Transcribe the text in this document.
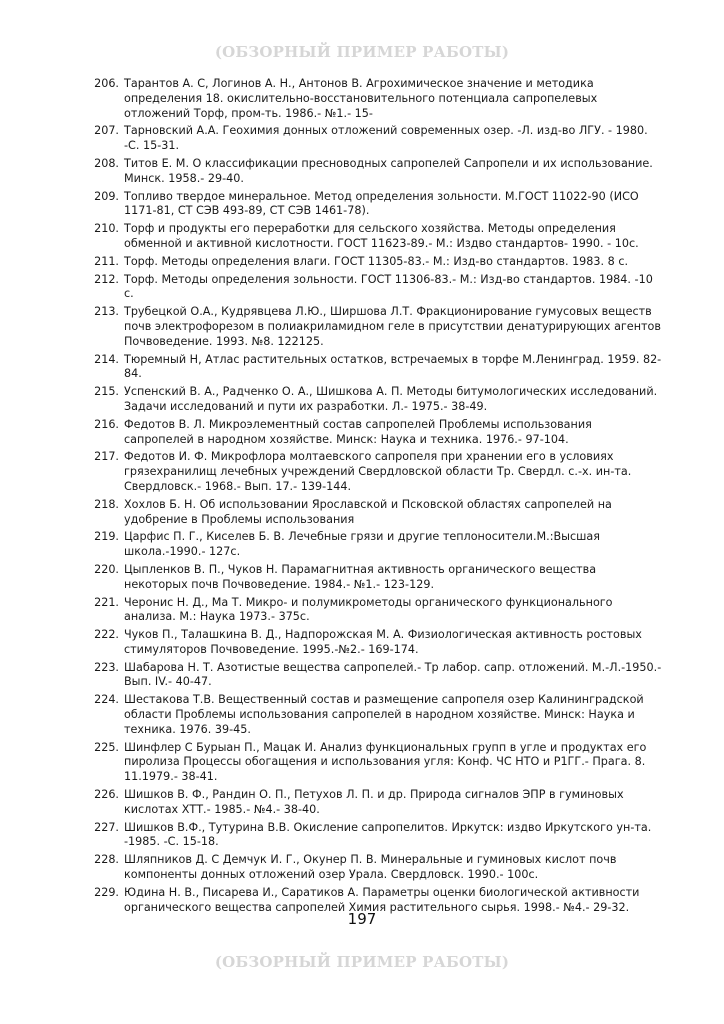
(ОБЗОРНЫЙ ПРИМЕР РАБОТЫ)
206. Тарантов А. С, Логинов А. Н., Антонов В. Агрохимическое значение и методика определения 18. окислительно-восстановительного потенциала сапропелевых отложений Торф, пром-ть. 1986.- №1.- 15-
207. Тарновский А.А. Геохимия донных отложений современных озер. -Л. изд-во ЛГУ. - 1980. -С. 15-31.
208. Титов Е. М. О классификации пресноводных сапропелей Сапропели и их использование. Минск. 1958.- 29-40.
209. Топливо твердое минеральное. Метод определения зольности. М.ГОСТ 11022-90 (ИСО 1171-81, СТ СЭВ 493-89, СТ СЭВ 1461-78).
210. Торф и продукты его переработки для сельского хозяйства. Методы определения обменной и активной кислотности. ГОСТ 11623-89.- М.: Издво стандартов- 1990. - 10с.
211. Торф. Методы определения влаги. ГОСТ 11305-83.- М.: Изд-во стандартов. 1983. 8 с.
212. Торф. Методы определения зольности. ГОСТ 11306-83.- М.: Изд-во стандартов. 1984. -10 с.
213. Трубецкой О.А., Кудрявцева Л.Ю., Ширшова Л.Т. Фракционирование гумусовых веществ почв электрофорезом в полиакриламидном геле в присутствии денатурирующих агентов Почвоведение. 1993. №8. 122125.
214. Тюремный Н, Атлас растительных остатков, встречаемых в торфе М.Ленинград. 1959. 82-84.
215. Успенский В. А., Радченко О. А., Шишкова А. П. Методы битумологических исследований. Задачи исследований и пути их разработки. Л.- 1975.- 38-49.
216. Федотов В. Л. Микроэлементный состав сапропелей Проблемы использования сапропелей в народном хозяйстве. Минск: Наука и техника. 1976.- 97-104.
217. Федотов И. Ф. Микрофлора молтаевского сапропеля при хранении его в условиях грязехранилищ лечебных учреждений Свердловской области Тр. Свердл. с.-х. ин-та. Свердловск.- 1968.- Вып. 17.- 139-144.
218. Хохлов Б. Н. Об использовании Ярославской и Псковской областях сапропелей на удобрение в Проблемы использования
219. Царфис П. Г., Киселев Б. В. Лечебные грязи и другие теплоносители.М.:Высшая школа.-1990.- 127с.
220. Цыпленков В. П., Чуков Н. Парамагнитная активность органического вещества некоторых почв Почвоведение. 1984.- №1.- 123-129.
221. Черонис Н. Д., Ма Т. Микро- и полумикрометоды органического функционального анализа. М.: Наука 1973.- 375с.
222. Чуков П., Талашкина В. Д., Надпорожская М. А. Физиологическая активность ростовых стимуляторов Почвоведение. 1995.-№2.- 169-174.
223. Шабарова Н. Т. Азотистые вещества сапропелей.- Тр лабор. сапр. отложений. М.-Л.-1950.- Вып. IV.- 40-47.
224. Шестакова Т.В. Вещественный состав и размещение сапропеля озер Калининградской области Проблемы использования сапропелей в народном хозяйстве. Минск: Наука и техника. 1976. 39-45.
225. Шинфлер С Бурыан П., Мацак И. Анализ функциональных групп в угле и продуктах его пиролиза Процессы обогащения и использования угля: Конф. ЧС НТО и Р1ГГ.- Прага. 8. 11.1979.- 38-41.
226. Шишков В. Ф., Рандин О. П., Петухов Л. П. и др. Природа сигналов ЭПР в гуминовых кислотах ХТТ.- 1985.- №4.- 38-40.
227. Шишков В.Ф., Тутурина В.В. Окисление сапропелитов. Иркутск: издво Иркутского ун-та. -1985. -С. 15-18.
228. Шляпников Д. С Демчук И. Г., Окунер П. В. Минеральные и гуминовых кислот почв компоненты донных отложений озер Урала. Свердловск. 1990.- 100с.
229. Юдина Н. В., Писарева И., Саратиков А. Параметры оценки биологической активности органического вещества сапропелей Химия растительного сырья. 1998.- №4.- 29-32.
197
(ОБЗОРНЫЙ ПРИМЕР РАБОТЫ)
